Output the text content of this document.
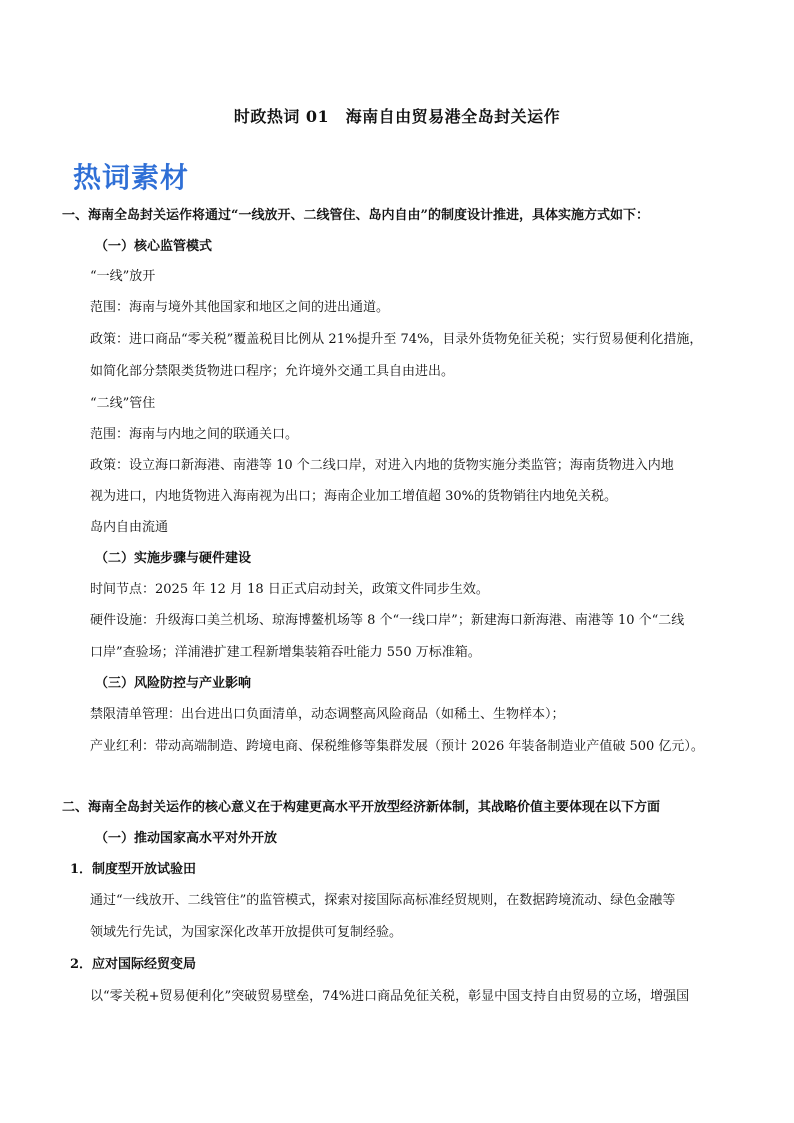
时政热词 01　海南自由贸易港全岛封关运作
热词素材
一、海南全岛封关运作将通过“一线放开、二线管住、岛内自由”的制度设计推进，具体实施方式如下：
（一）核心监管模式
“一线”放开
范围：海南与境外其他国家和地区之间的进出通道。
政策：进口商品“零关税”覆盖税目比例从 21%提升至 74%，目录外货物免征关税；实行贸易便利化措施，
如简化部分禁限类货物进口程序；允许境外交通工具自由进出。
“二线”管住
范围：海南与内地之间的联通关口。
政策：设立海口新海港、南港等 10 个二线口岸，对进入内地的货物实施分类监管；海南货物进入内地
视为进口，内地货物进入海南视为出口；海南企业加工增值超 30%的货物销往内地免关税。
岛内自由流通
（二）实施步骤与硬件建设
时间节点：2025 年 12 月 18 日正式启动封关，政策文件同步生效。
硬件设施：升级海口美兰机场、琼海博鳌机场等 8 个“一线口岸”；新建海口新海港、南港等 10 个“二线
口岸”查验场；洋浦港扩建工程新增集装箱吞吐能力 550 万标准箱。
（三）风险防控与产业影响
禁限清单管理：出台进出口负面清单，动态调整高风险商品（如稀土、生物样本）；
产业红利：带动高端制造、跨境电商、保税维修等集群发展（预计 2026 年装备制造业产值破 500 亿元）。
二、海南全岛封关运作的核心意义在于构建更高水平开放型经济新体制，其战略价值主要体现在以下方面
（一）推动国家高水平对外开放
1．制度型开放试验田
通过“一线放开、二线管住”的监管模式，探索对接国际高标准经贸规则，在数据跨境流动、绿色金融等
领域先行先试，为国家深化改革开放提供可复制经验。
2．应对国际经贸变局
以“零关税+贸易便利化”突破贸易壁垒，74%进口商品免征关税，彰显中国支持自由贸易的立场，增强国
